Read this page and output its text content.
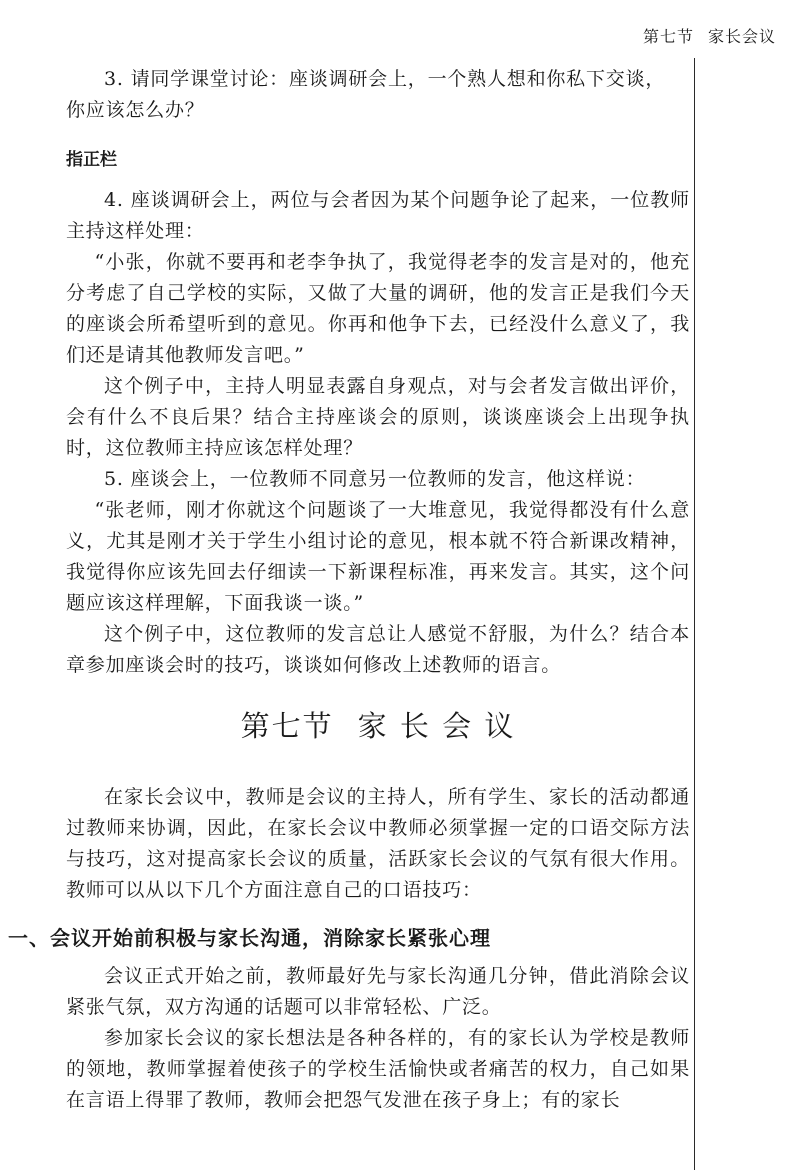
第七节 家长会议

3. 请同学课堂讨论：座谈调研会上，一个熟人想和你私下交谈，

你应该怎么办？

指正栏

4. 座谈调研会上，两位与会者因为某个问题争论了起来，一位教师主持这样处理：

“小张，你就不要再和老李争执了，我觉得老李的发言是对的，他充分考虑了自己学校的实际，又做了大量的调研，他的发言正是我们今天的座谈会所希望听到的意见。你再和他争下去，已经没什么意义了，我们还是请其他教师发言吧。”

这个例子中，主持人明显表露自身观点，对与会者发言做出评价，会有什么不良后果？结合主持座谈会的原则，谈谈座谈会上出现争执时，这位教师主持应该怎样处理？

5. 座谈会上，一位教师不同意另一位教师的发言，他这样说：

“张老师，刚才你就这个问题谈了一大堆意见，我觉得都没有什么意义，尤其是刚才关于学生小组讨论的意见，根本就不符合新课改精神，我觉得你应该先回去仔细读一下新课程标准，再来发言。其实，这个问题应该这样理解，下面我谈一谈。”

这个例子中，这位教师的发言总让人感觉不舒服，为什么？结合本章参加座谈会时的技巧，谈谈如何修改上述教师的语言。

第七节 家 长 会 议

在家长会议中，教师是会议的主持人，所有学生、家长的活动都通过教师来协调，因此，在家长会议中教师必须掌握一定的口语交际方法与技巧，这对提高家长会议的质量，活跃家长会议的气氛有很大作用。教师可以从以下几个方面注意自己的口语技巧：

一、会议开始前积极与家长沟通，消除家长紧张心理

会议正式开始之前，教师最好先与家长沟通几分钟，借此消除会议紧张气氛，双方沟通的话题可以非常轻松、广泛。

参加家长会议的家长想法是各种各样的，有的家长认为学校是教师的领地，教师掌握着使孩子的学校生活愉快或者痛苦的权力，自己如果在言语上得罪了教师，教师会把怨气发泄在孩子身上；有的家长
